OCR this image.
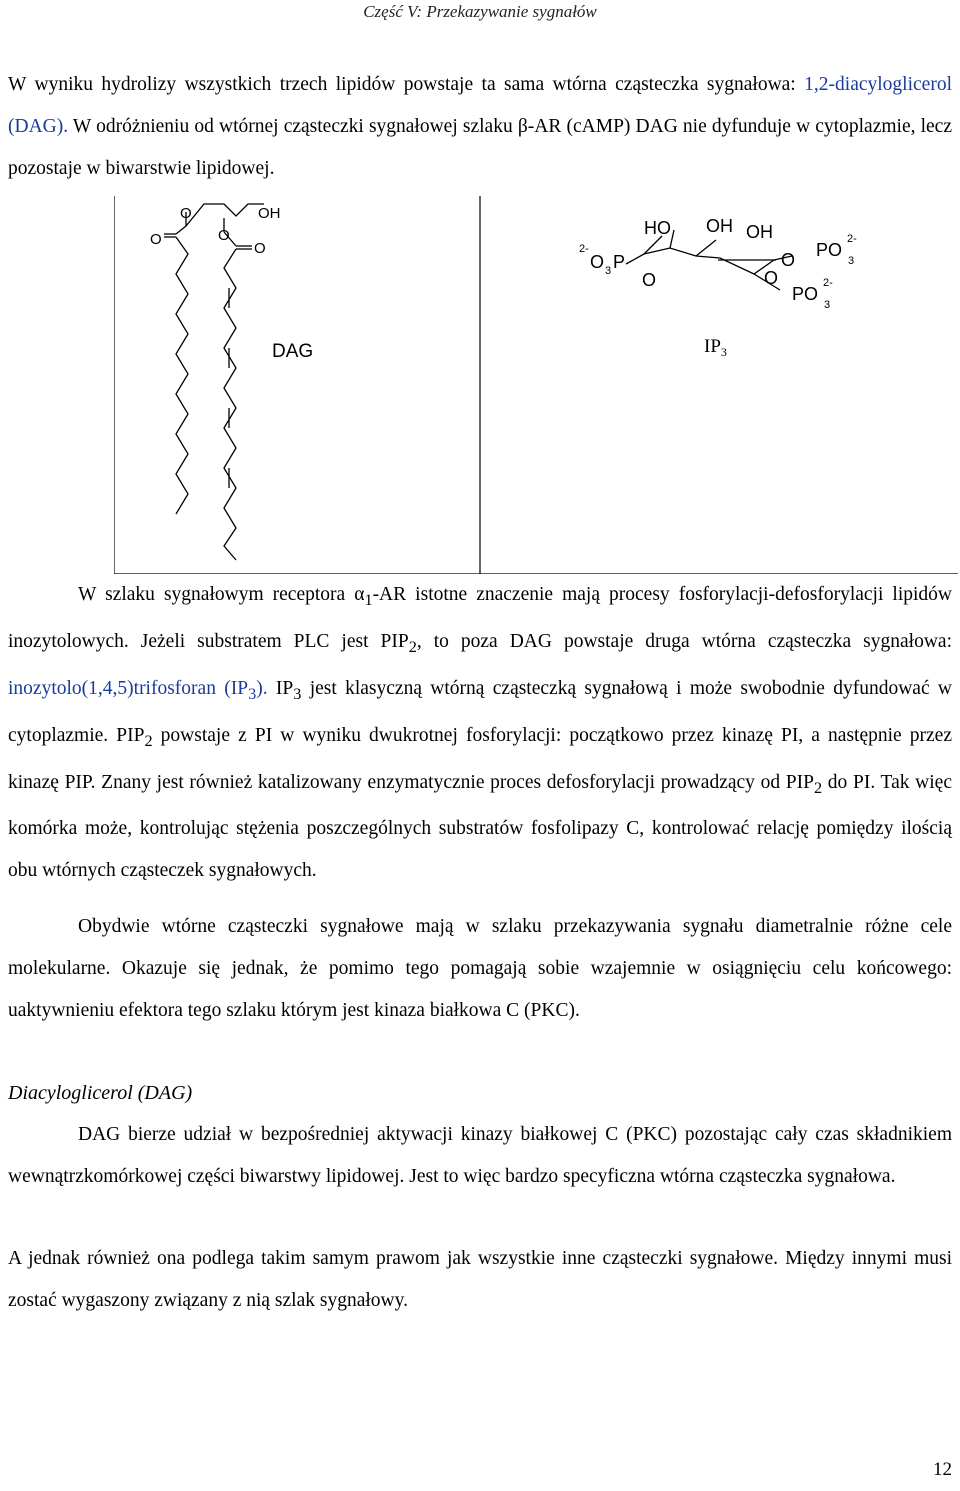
Część V: Przekazywanie sygnałów

W wyniku hydrolizy wszystkich trzech lipidów powstaje ta sama wtórna cząsteczka sygnałowa: 1,2-diacyloglicerol (DAG). W odróżnieniu od wtórnej cząsteczki sygnałowej szlaku β-AR (cAMP) DAG nie dyfunduje w cytoplazmie, lecz pozostaje w biwarstwie lipidowej.

O
O	O
O
OH
DAG
HO OH OH
2-
O 3 P
O
O
O
PO
3
2-
PO
3
2-
$IP_3$

W szlaku sygnałowym receptora $\alpha_1-AR$ istotne znaczenie mają procesy fosforylacji-defosforylacji lipidów inozytolowych. Jeżeli substratem PLC jest $PIP_2$, to poza DAG powstaje druga wtórna cząsteczka sygnałowa: inozytolo(1,4,5)trifosforan $(IP_3)$. $IP_3$ jest klasyczną wtórną cząsteczką sygnałową i może swobodnie dyfundować w cytoplazmie. $PIP_2$ powstaje z PI w wyniku dwukrotnej fosforylacji: początkowo przez kinazę PI, a następnie przez kinazę PIP. Znany jest również katalizowany enzymatycznie proces defosforylacji prowadzący od $PIP_2$ do PI. Tak więc komórka może, kontrolując stężenia poszczególnych substratów fosfolipazy C, kontrolować relację pomiędzy ilością obu wtórnych cząsteczek sygnałowych.

Obydwie wtórne cząsteczki sygnałowe mają w szlaku przekazywania sygnału diametralnie różne cele molekularne. Okazuje się jednak, że pomimo tego pomagają sobie wzajemnie w osiągnięciu celu końcowego: uaktywnieniu efektora tego szlaku którym jest kinaza białkowa C (PKC).

Diacyloglicerol (DAG)

DAG bierze udział w bezpośredniej aktywacji kinazy białkowej C (PKC) pozostając cały czas składnikiem wewnątrzkomórkowej części biwarstwy lipidowej. Jest to więc bardzo specyficzna wtórna cząsteczka sygnałowa.

A jednak również ona podlega takim samym prawom jak wszystkie inne cząsteczki sygnałowe. Między innymi musi zostać wygaszony związany z nią szlak sygnałowy.

12
